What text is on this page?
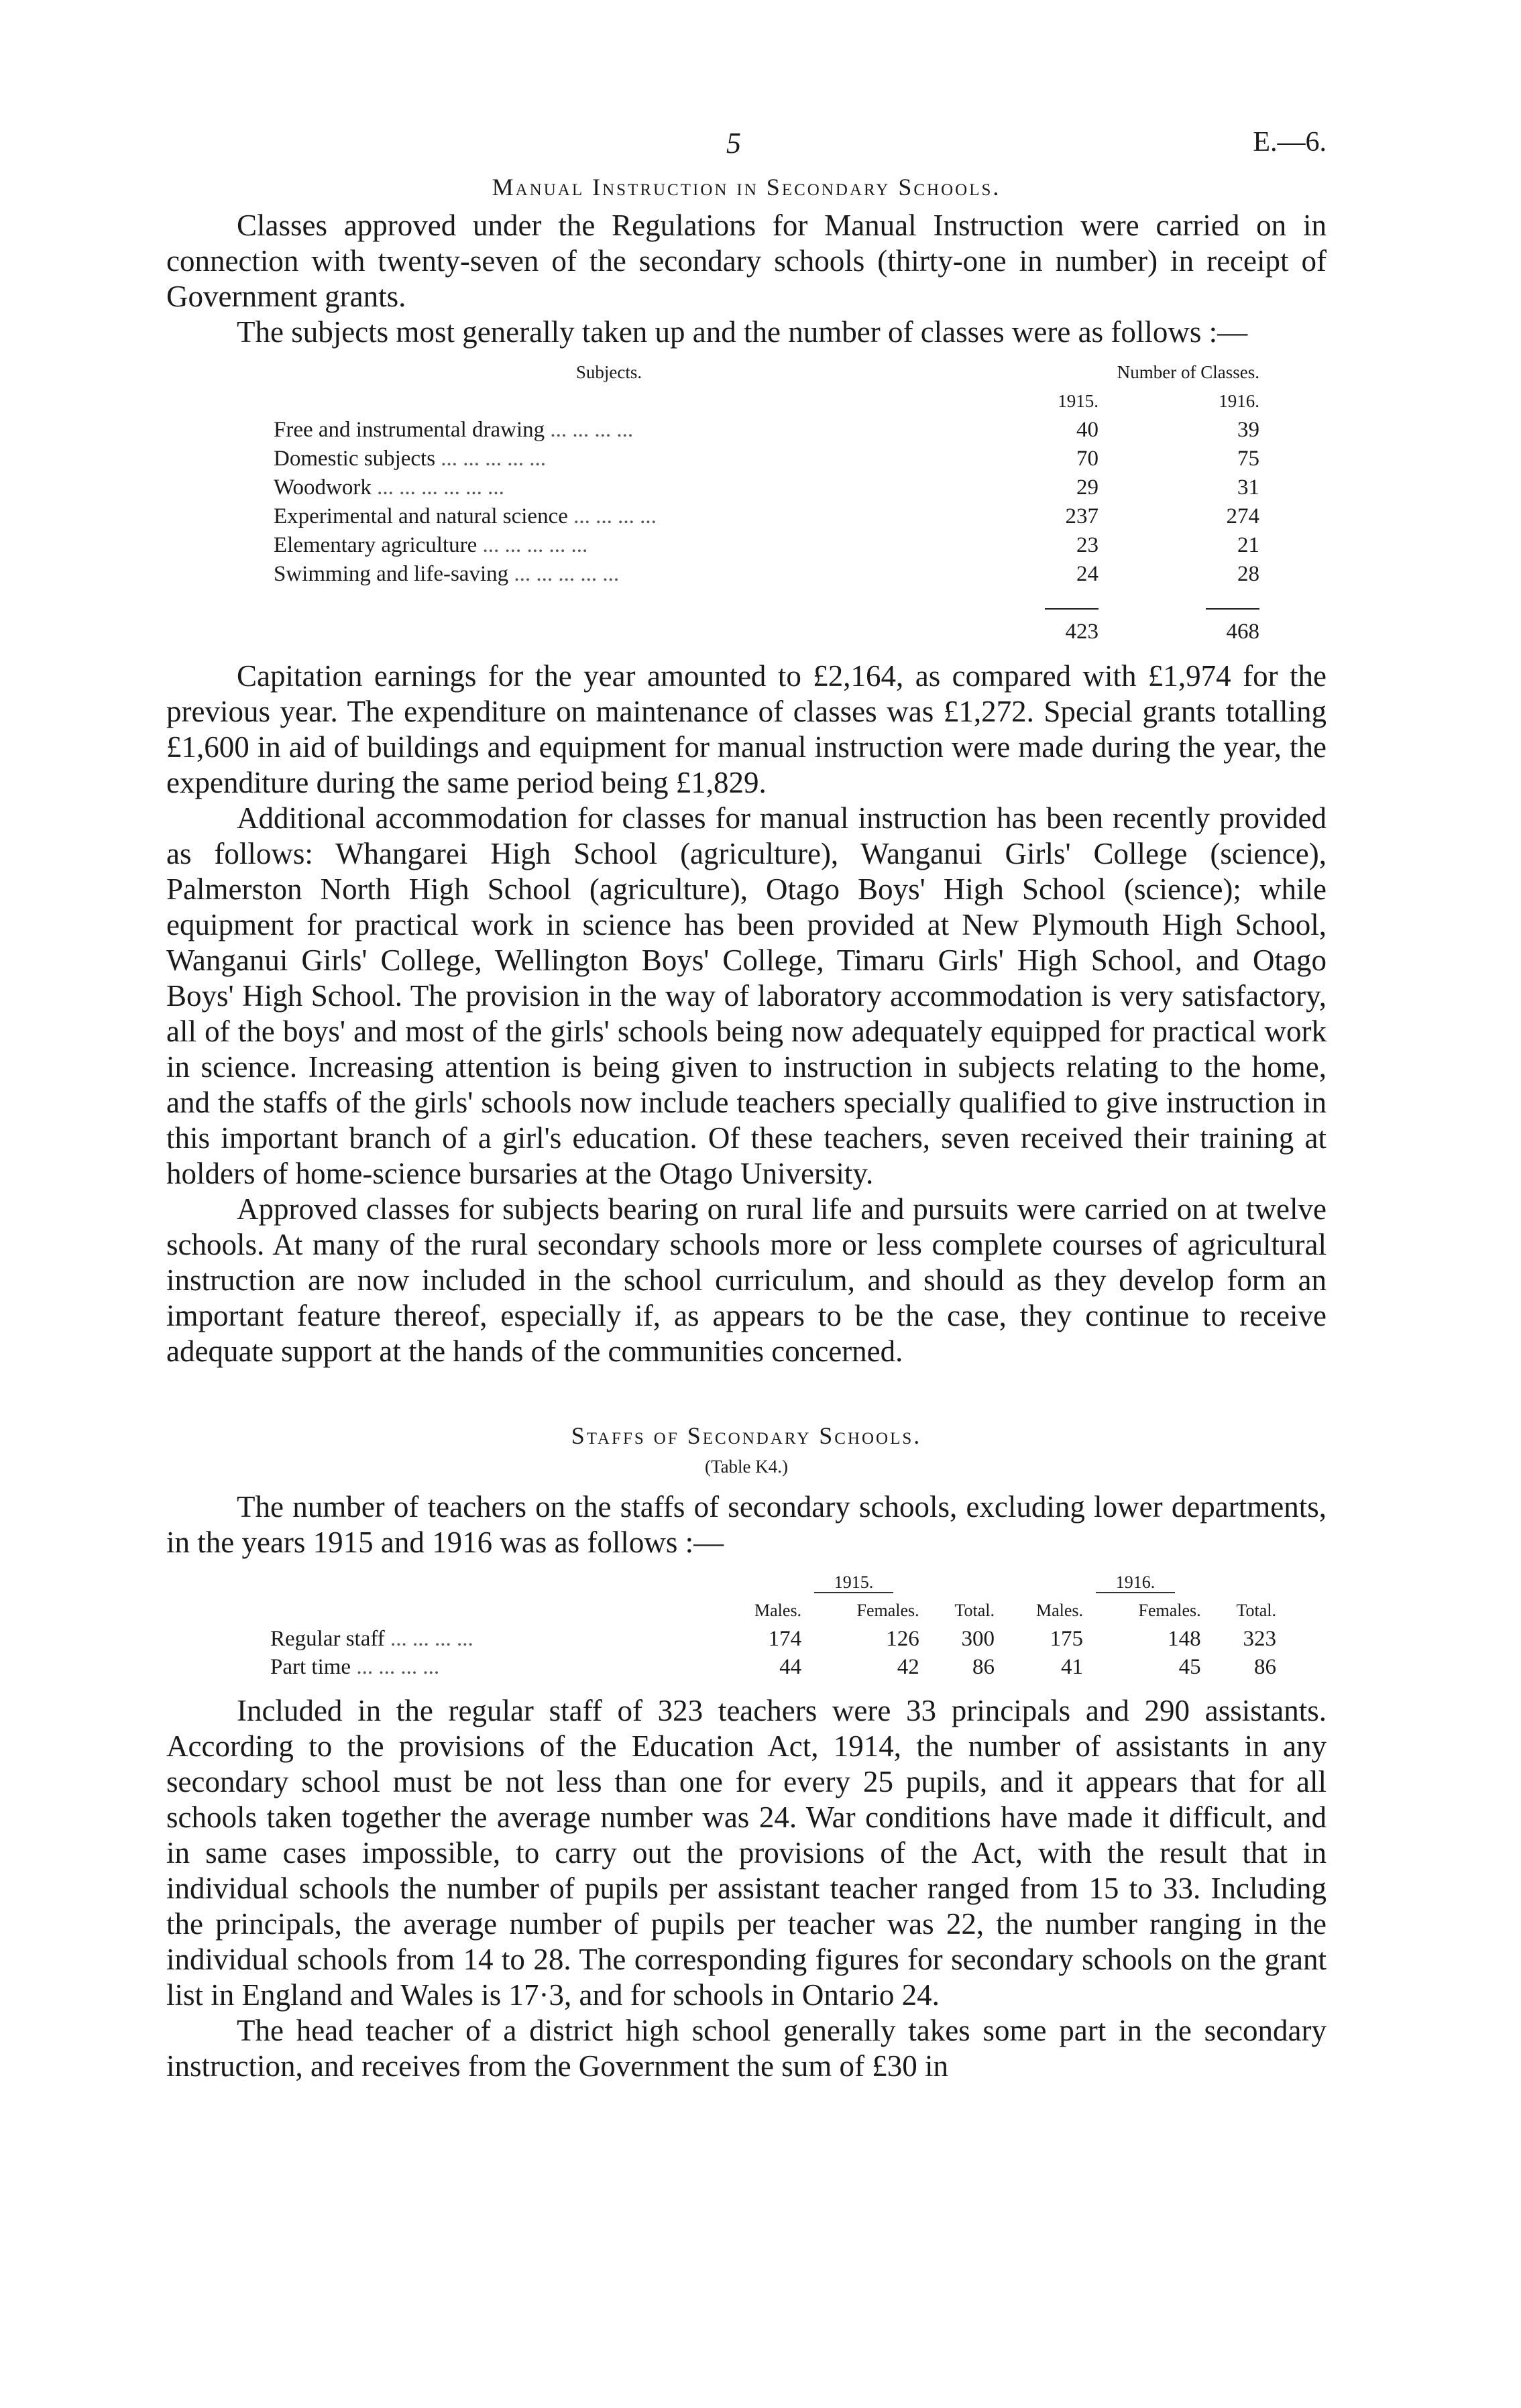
5	E.—6.
Manual Instruction in Secondary Schools.

Classes approved under the Regulations for Manual Instruction were carried on in connection with twenty-seven of the secondary schools (thirty-one in number) in receipt of Government grants.

The subjects most generally taken up and the number of classes were as follows :—

Subjects.	Number of Classes.	
	1915.	1916.
Free and instrumental drawing ... ... ... ...	40	39
Domestic subjects ... ... ... ... ...	70	75
Woodwork ... ... ... ... ... ...	29	31
Experimental and natural science ... ... ... ...	237	274
Elementary agriculture ... ... ... ... ...	23	21
Swimming and life-saving ... ... ... ... ...	24	28

	423	468

Capitation earnings for the year amounted to £2,164, as compared with £1,974 for the previous year. The expenditure on maintenance of classes was £1,272. Special grants totalling £1,600 in aid of buildings and equipment for manual instruction were made during the year, the expenditure during the same period being £1,829.

Additional accommodation for classes for manual instruction has been recently provided as follows: Whangarei High School (agriculture), Wanganui Girls' College (science), Palmerston North High School (agriculture), Otago Boys' High School (science); while equipment for practical work in science has been provided at New Plymouth High School, Wanganui Girls' College, Wellington Boys' College, Timaru Girls' High School, and Otago Boys' High School. The provision in the way of laboratory accommodation is very satisfactory, all of the boys' and most of the girls' schools being now adequately equipped for practical work in science. Increasing attention is being given to instruction in subjects relating to the home, and the staffs of the girls' schools now include teachers specially qualified to give instruction in this important branch of a girl's education. Of these teachers, seven received their training at holders of home-science bursaries at the Otago University.

Approved classes for subjects bearing on rural life and pursuits were carried on at twelve schools. At many of the rural secondary schools more or less complete courses of agricultural instruction are now included in the school curriculum, and should as they develop form an important feature thereof, especially if, as appears to be the case, they continue to receive adequate support at the hands of the communities concerned.

Staffs of Secondary Schools.
(Table K4.)

The number of teachers on the staffs of secondary schools, excluding lower departments, in the years 1915 and 1916 was as follows :—

	1915.			1916.		
	Males.	Females.	Total.	Males.	Females.	Total.
Regular staff ... ... ... ...	174	126	300	175	148	323
Part time ... ... ... ...	44	42	86	41	45	86

Included in the regular staff of 323 teachers were 33 principals and 290 assistants. According to the provisions of the Education Act, 1914, the number of assistants in any secondary school must be not less than one for every 25 pupils, and it appears that for all schools taken together the average number was 24. War conditions have made it difficult, and in same cases impossible, to carry out the provisions of the Act, with the result that in individual schools the number of pupils per assistant teacher ranged from 15 to 33. Including the principals, the average number of pupils per teacher was 22, the number ranging in the individual schools from 14 to 28. The corresponding figures for secondary schools on the grant list in England and Wales is 17·3, and for schools in Ontario 24.

The head teacher of a district high school generally takes some part in the secondary instruction, and receives from the Government the sum of £30 in
